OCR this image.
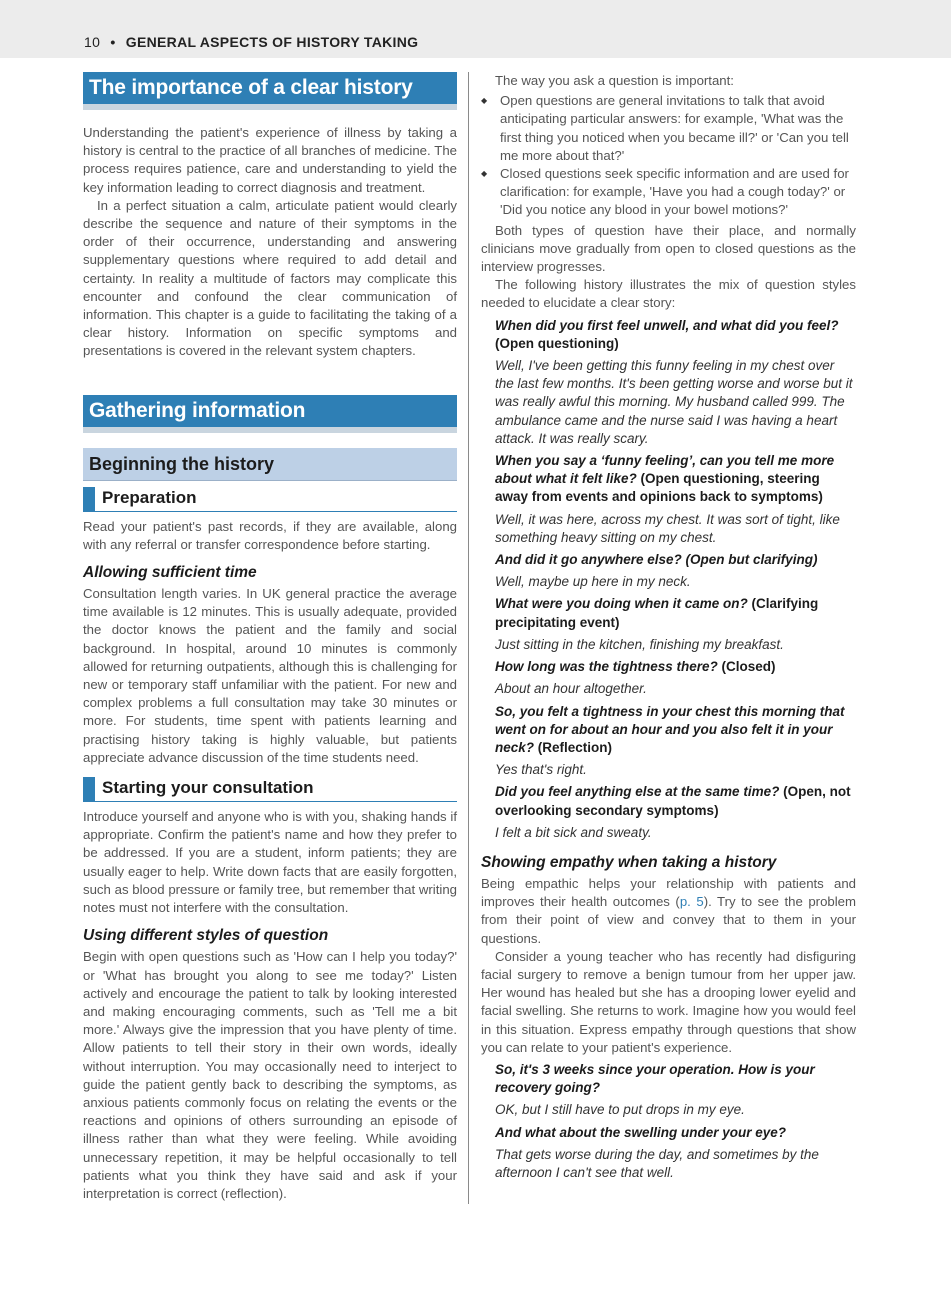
10 • GENERAL ASPECTS OF HISTORY TAKING
The importance of a clear history

Understanding the patient's experience of illness by taking a history is central to the practice of all branches of medicine. The process requires patience, care and understanding to yield the key information leading to correct diagnosis and treatment.

In a perfect situation a calm, articulate patient would clearly describe the sequence and nature of their symptoms in the order of their occurrence, understanding and answering supplementary questions where required to add detail and certainty. In reality a multitude of factors may complicate this encounter and confound the clear communication of information. This chapter is a guide to facilitating the taking of a clear history. Information on specific symptoms and presentations is covered in the relevant system chapters.

Gathering information
Beginning the history
Preparation

Read your patient's past records, if they are available, along with any referral or transfer correspondence before starting.

Allowing sufficient time

Consultation length varies. In UK general practice the average time available is 12 minutes. This is usually adequate, provided the doctor knows the patient and the family and social background. In hospital, around 10 minutes is commonly allowed for returning outpatients, although this is challenging for new or temporary staff unfamiliar with the patient. For new and complex problems a full consultation may take 30 minutes or more. For students, time spent with patients learning and practising history taking is highly valuable, but patients appreciate advance discussion of the time students need.

Starting your consultation

Introduce yourself and anyone who is with you, shaking hands if appropriate. Confirm the patient's name and how they prefer to be addressed. If you are a student, inform patients; they are usually eager to help. Write down facts that are easily forgotten, such as blood pressure or family tree, but remember that writing notes must not interfere with the consultation.

Using different styles of question

Begin with open questions such as 'How can I help you today?' or 'What has brought you along to see me today?' Listen actively and encourage the patient to talk by looking interested and making encouraging comments, such as 'Tell me a bit more.' Always give the impression that you have plenty of time. Allow patients to tell their story in their own words, ideally without interruption. You may occasionally need to interject to guide the patient gently back to describing the symptoms, as anxious patients commonly focus on relating the events or the reactions and opinions of others surrounding an episode of illness rather than what they were feeling. While avoiding unnecessary repetition, it may be helpful occasionally to tell patients what you think they have said and ask if your interpretation is correct (reflection).

The way you ask a question is important:

◆ Open questions are general invitations to talk that avoid anticipating particular answers: for example, 'What was the first thing you noticed when you became ill?' or 'Can you tell me more about that?'
◆ Closed questions seek specific information and are used for clarification: for example, 'Have you had a cough today?' or 'Did you notice any blood in your bowel motions?'

Both types of question have their place, and normally clinicians move gradually from open to closed questions as the interview progresses.

The following history illustrates the mix of question styles needed to elucidate a clear story:

When did you first feel unwell, and what did you feel? (Open questioning)
Well, I've been getting this funny feeling in my chest over the last few months. It's been getting worse and worse but it was really awful this morning. My husband called 999. The ambulance came and the nurse said I was having a heart attack. It was really scary.
When you say a ‘funny feeling’, can you tell me more about what it felt like? (Open questioning, steering away from events and opinions back to symptoms)
Well, it was here, across my chest. It was sort of tight, like something heavy sitting on my chest.
And did it go anywhere else? (Open but clarifying)
Well, maybe up here in my neck.
What were you doing when it came on? (Clarifying precipitating event)
Just sitting in the kitchen, finishing my breakfast.
How long was the tightness there? (Closed)
About an hour altogether.
So, you felt a tightness in your chest this morning that went on for about an hour and you also felt it in your neck? (Reflection)
Yes that's right.
Did you feel anything else at the same time? (Open, not overlooking secondary symptoms)
I felt a bit sick and sweaty.
Showing empathy when taking a history

Being empathic helps your relationship with patients and improves their health outcomes (p. 5). Try to see the problem from their point of view and convey that to them in your questions.

Consider a young teacher who has recently had disfiguring facial surgery to remove a benign tumour from her upper jaw. Her wound has healed but she has a drooping lower eyelid and facial swelling. She returns to work. Imagine how you would feel in this situation. Express empathy through questions that show you can relate to your patient's experience.

So, it's 3 weeks since your operation. How is your recovery going?
OK, but I still have to put drops in my eye.
And what about the swelling under your eye?
That gets worse during the day, and sometimes by the afternoon I can't see that well.
